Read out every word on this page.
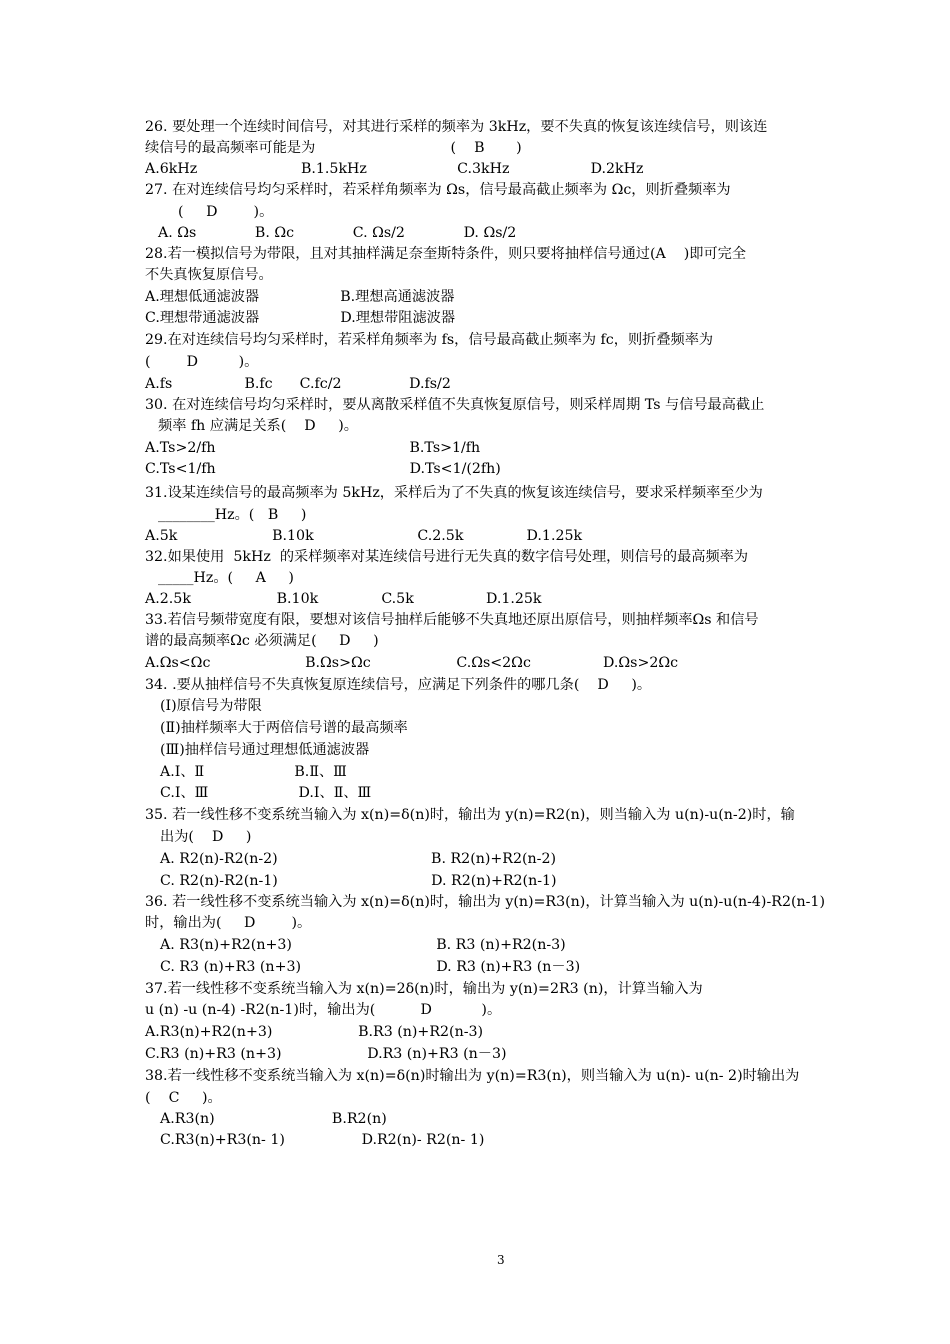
26. 要处理一个连续时间信号，对其进行采样的频率为 3kHz，要不失真的恢复该连续信号，则该连
续信号的最高频率可能是为                              (    B       )
A.6kHz                       B.1.5kHz                    C.3kHz                  D.2kHz
27. 在对连续信号均匀采样时，若采样角频率为 Ωs，信号最高截止频率为 Ωc，则折叠频率为
(     D        )。
A. Ωs             B. Ωc             C. Ωs/2             D. Ωs/2
28.若一模拟信号为带限，且对其抽样满足奈奎斯特条件，则只要将抽样信号通过(A    )即可完全
不失真恢复原信号。
A.理想低通滤波器                  B.理想高通滤波器
C.理想带通滤波器                  D.理想带阻滤波器
29.在对连续信号均匀采样时，若采样角频率为 fs，信号最高截止频率为 fc，则折叠频率为
(        D         )。
A.fs                B.fc      C.fc/2               D.fs/2
30. 在对连续信号均匀采样时，要从离散采样值不失真恢复原信号，则采样周期 Ts 与信号最高截止
频率 fh 应满足关系(    D     )。
A.Ts>2/fh                                           B.Ts>1/fh
C.Ts<1/fh                                           D.Ts<1/(2fh)
31.设某连续信号的最高频率为 5kHz，采样后为了不失真的恢复该连续信号，要求采样频率至少为
________Hz。(   B     )
A.5k                     B.10k                       C.2.5k              D.1.25k
32.如果使用  5kHz  的采样频率对某连续信号进行无失真的数字信号处理，则信号的最高频率为
_____Hz。(     A     )
A.2.5k                   B.10k              C.5k                D.1.25k
33.若信号频带宽度有限，要想对该信号抽样后能够不失真地还原出原信号，则抽样频率Ωs 和信号
谱的最高频率Ωc 必须满足(     D     )
A.Ωs<Ωc                     B.Ωs>Ωc                   C.Ωs<2Ωc                D.Ωs>2Ωc
34. .要从抽样信号不失真恢复原连续信号，应满足下列条件的哪几条(    D     )。
(Ⅰ)原信号为带限
(Ⅱ)抽样频率大于两倍信号谱的最高频率
(Ⅲ)抽样信号通过理想低通滤波器
A.Ⅰ、Ⅱ                    B.Ⅱ、Ⅲ
C.Ⅰ、Ⅲ                    D.Ⅰ、Ⅱ、Ⅲ
35. 若一线性移不变系统当输入为 x(n)=δ(n)时，输出为 y(n)=R2(n)，则当输入为 u(n)-u(n-2)时，输
出为(    D     )
A. R2(n)-R2(n-2)                                  B. R2(n)+R2(n-2)
C. R2(n)-R2(n-1)                                  D. R2(n)+R2(n-1)
36. 若一线性移不变系统当输入为 x(n)=δ(n)时，输出为 y(n)=R3(n)，计算当输入为 u(n)-u(n-4)-R2(n-1)
时，输出为(     D        )。
A. R3(n)+R2(n+3)                                B. R3 (n)+R2(n-3)
C. R3 (n)+R3 (n+3)                              D. R3 (n)+R3 (n－3)
37.若一线性移不变系统当输入为 x(n)=2δ(n)时，输出为 y(n)=2R3 (n)，计算当输入为
u (n) -u (n-4) -R2(n-1)时，输出为(          D           )。
A.R3(n)+R2(n+3)                   B.R3 (n)+R2(n-3)
C.R3 (n)+R3 (n+3)                   D.R3 (n)+R3 (n－3)
38.若一线性移不变系统当输入为 x(n)=δ(n)时输出为 y(n)=R3(n)，则当输入为 u(n)- u(n- 2)时输出为
(    C     )。
A.R3(n)                          B.R2(n)
C.R3(n)+R3(n- 1)                 D.R2(n)- R2(n- 1)
3
